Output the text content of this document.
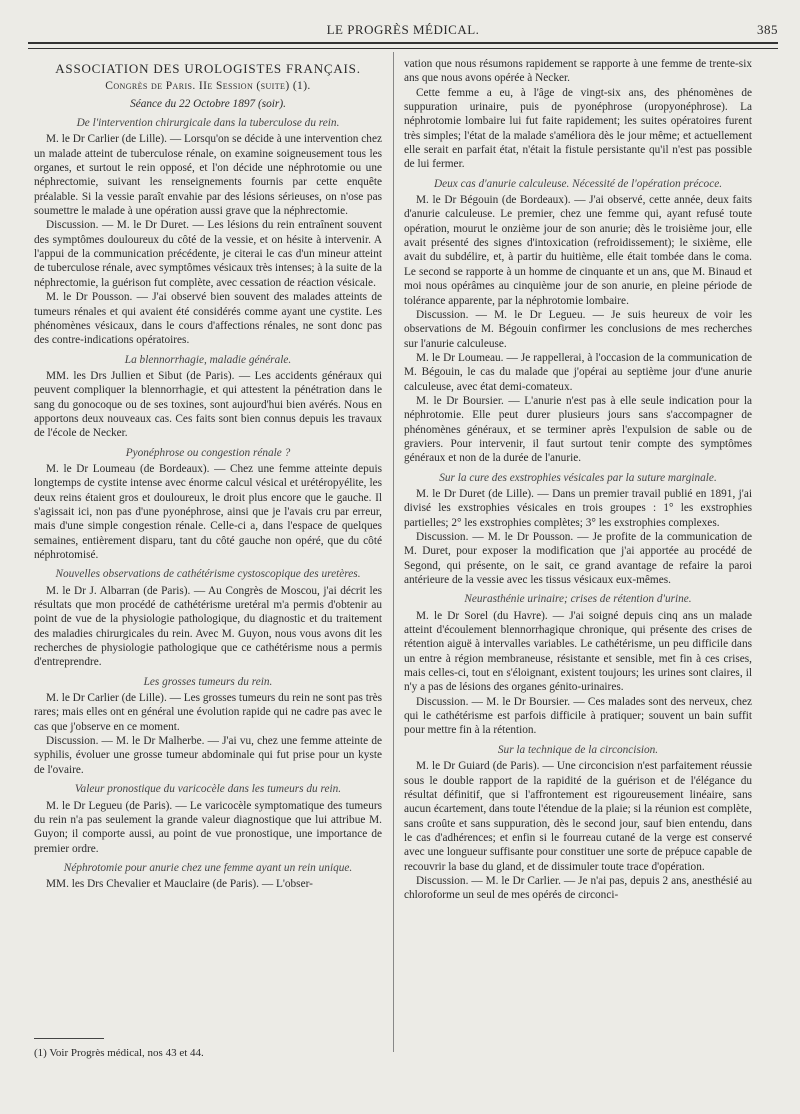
LE PROGRÈS MÉDICAL.	385

ASSOCIATION DES UROLOGISTES FRANÇAIS.

Congrès de Paris. IIe Session (suite) (1).

Séance du 22 Octobre 1897 (soir).

De l'intervention chirurgicale dans la tuberculose du rein.

M. le Dr Carlier (de Lille). — Lorsqu'on se décide à une intervention chez un malade atteint de tuberculose rénale, on examine soigneusement tous les organes, et surtout le rein opposé, et l'on décide une néphrotomie ou une néphrectomie, suivant les renseignements fournis par cette enquête préalable. Si la vessie paraît envahie par des lésions sérieuses, on n'ose pas soumettre le malade à une opération aussi grave que la néphrectomie.

Discussion. — M. le Dr Duret. — Les lésions du rein entraînent souvent des symptômes douloureux du côté de la vessie, et on hésite à intervenir. A l'appui de la communication précédente, je citerai le cas d'un mineur atteint de tuberculose rénale, avec symptômes vésicaux très intenses; à la suite de la néphrectomie, la guérison fut complète, avec cessation de réaction vésicale.

M. le Dr Pousson. — J'ai observé bien souvent des malades atteints de tumeurs rénales et qui avaient été considérés comme ayant une cystite. Les phénomènes vésicaux, dans le cours d'affections rénales, ne sont donc pas des contre-indications opératoires.

La blennorrhagie, maladie générale.

MM. les Drs Jullien et Sibut (de Paris). — Les accidents généraux qui peuvent compliquer la blennorrhagie, et qui attestent la pénétration dans le sang du gonocoque ou de ses toxines, sont aujourd'hui bien avérés. Nous en apportons deux nouveaux cas. Ces faits sont bien connus depuis les travaux de l'école de Necker.

Pyonéphrose ou congestion rénale ?

M. le Dr Loumeau (de Bordeaux). — Chez une femme atteinte depuis longtemps de cystite intense avec énorme calcul vésical et urétéropyélite, les deux reins étaient gros et douloureux, le droit plus encore que le gauche. Il s'agissait ici, non pas d'une pyonéphrose, ainsi que je l'avais cru par erreur, mais d'une simple congestion rénale. Celle-ci a, dans l'espace de quelques semaines, entièrement disparu, tant du côté gauche non opéré, que du côté néphrotomisé.

Nouvelles observations de cathétérisme cystoscopique des uretères.

M. le Dr J. Albarran (de Paris). — Au Congrès de Moscou, j'ai décrit les résultats que mon procédé de cathétérisme uretéral m'a permis d'obtenir au point de vue de la physiologie pathologique, du diagnostic et du traitement des maladies chirurgicales du rein. Avec M. Guyon, nous vous avons dit les recherches de physiologie pathologique que ce cathétérisme nous a permis d'entreprendre.

Les grosses tumeurs du rein.

M. le Dr Carlier (de Lille). — Les grosses tumeurs du rein ne sont pas très rares; mais elles ont en général une évolution rapide qui ne cadre pas avec le cas que j'observe en ce moment.

Discussion. — M. le Dr Malherbe. — J'ai vu, chez une femme atteinte de syphilis, évoluer une grosse tumeur abdominale qui fut prise pour un kyste de l'ovaire.

Valeur pronostique du varicocèle dans les tumeurs du rein.

M. le Dr Legueu (de Paris). — Le varicocèle symptomatique des tumeurs du rein n'a pas seulement la grande valeur diagnostique que lui attribue M. Guyon; il comporte aussi, au point de vue pronostique, une importance de premier ordre.

Néphrotomie pour anurie chez une femme ayant un rein unique.

MM. les Drs Chevalier et Mauclaire (de Paris). — L'obser-

vation que nous résumons rapidement se rapporte à une femme de trente-six ans que nous avons opérée à Necker.

Cette femme a eu, à l'âge de vingt-six ans, des phénomènes de suppuration urinaire, puis de pyonéphrose (uropyonéphrose). La néphrotomie lombaire lui fut faite rapidement; les suites opératoires furent très simples; l'état de la malade s'améliora dès le jour même; et actuellement elle serait en parfait état, n'était la fistule persistante qu'il n'est pas possible de lui fermer.

Deux cas d'anurie calculeuse. Nécessité de l'opération précoce.

M. le Dr Bégouin (de Bordeaux). — J'ai observé, cette année, deux faits d'anurie calculeuse. Le premier, chez une femme qui, ayant refusé toute opération, mourut le onzième jour de son anurie; dès le troisième jour, elle avait présenté des signes d'intoxication (refroidissement); le sixième, elle avait du subdélire, et, à partir du huitième, elle était tombée dans le coma. Le second se rapporte à un homme de cinquante et un ans, que M. Binaud et moi nous opérâmes au cinquième jour de son anurie, en pleine période de tolérance apparente, par la néphrotomie lombaire.

Discussion. — M. le Dr Legueu. — Je suis heureux de voir les observations de M. Bégouin confirmer les conclusions de mes recherches sur l'anurie calculeuse.

M. le Dr Loumeau. — Je rappellerai, à l'occasion de la communication de M. Bégouin, le cas du malade que j'opérai au septième jour d'une anurie calculeuse, avec état demi-comateux.

M. le Dr Boursier. — L'anurie n'est pas à elle seule indication pour la néphrotomie. Elle peut durer plusieurs jours sans s'accompagner de phénomènes généraux, et se terminer après l'expulsion de sable ou de graviers. Pour intervenir, il faut surtout tenir compte des symptômes généraux et non de la durée de l'anurie.

Sur la cure des exstrophies vésicales par la suture marginale.

M. le Dr Duret (de Lille). — Dans un premier travail publié en 1891, j'ai divisé les exstrophies vésicales en trois groupes : 1° les exstrophies partielles; 2° les exstrophies complètes; 3° les exstrophies complexes.

Discussion. — M. le Dr Pousson. — Je profite de la communication de M. Duret, pour exposer la modification que j'ai apportée au procédé de Segond, qui présente, on le sait, ce grand avantage de refaire la paroi antérieure de la vessie avec les tissus vésicaux eux-mêmes.

Neurasthénie urinaire; crises de rétention d'urine.

M. le Dr Sorel (du Havre). — J'ai soigné depuis cinq ans un malade atteint d'écoulement blennorrhagique chronique, qui présente des crises de rétention aiguë à intervalles variables. Le cathétérisme, un peu difficile dans un entre à région membraneuse, résistante et sensible, met fin à ces crises, mais celles-ci, tout en s'éloignant, existent toujours; les urines sont claires, il n'y a pas de lésions des organes génito-urinaires.

Discussion. — M. le Dr Boursier. — Ces malades sont des nerveux, chez qui le cathétérisme est parfois difficile à pratiquer; souvent un bain suffit pour mettre fin à la rétention.

Sur la technique de la circoncision.

M. le Dr Guiard (de Paris). — Une circoncision n'est parfaitement réussie sous le double rapport de la rapidité de la guérison et de l'élégance du résultat définitif, que si l'affrontement est rigoureusement linéaire, sans aucun écartement, dans toute l'étendue de la plaie; si la réunion est complète, sans croûte et sans suppuration, dès le second jour, sauf bien entendu, dans le cas d'adhérences; et enfin si le fourreau cutané de la verge est conservé avec une longueur suffisante pour constituer une sorte de prépuce capable de recouvrir la base du gland, et de dissimuler toute trace d'opération.

Discussion. — M. le Dr Carlier. — Je n'ai pas, depuis 2 ans, anesthésié au chloroforme un seul de mes opérés de circonci-

(1) Voir Progrès médical, nos 43 et 44.
